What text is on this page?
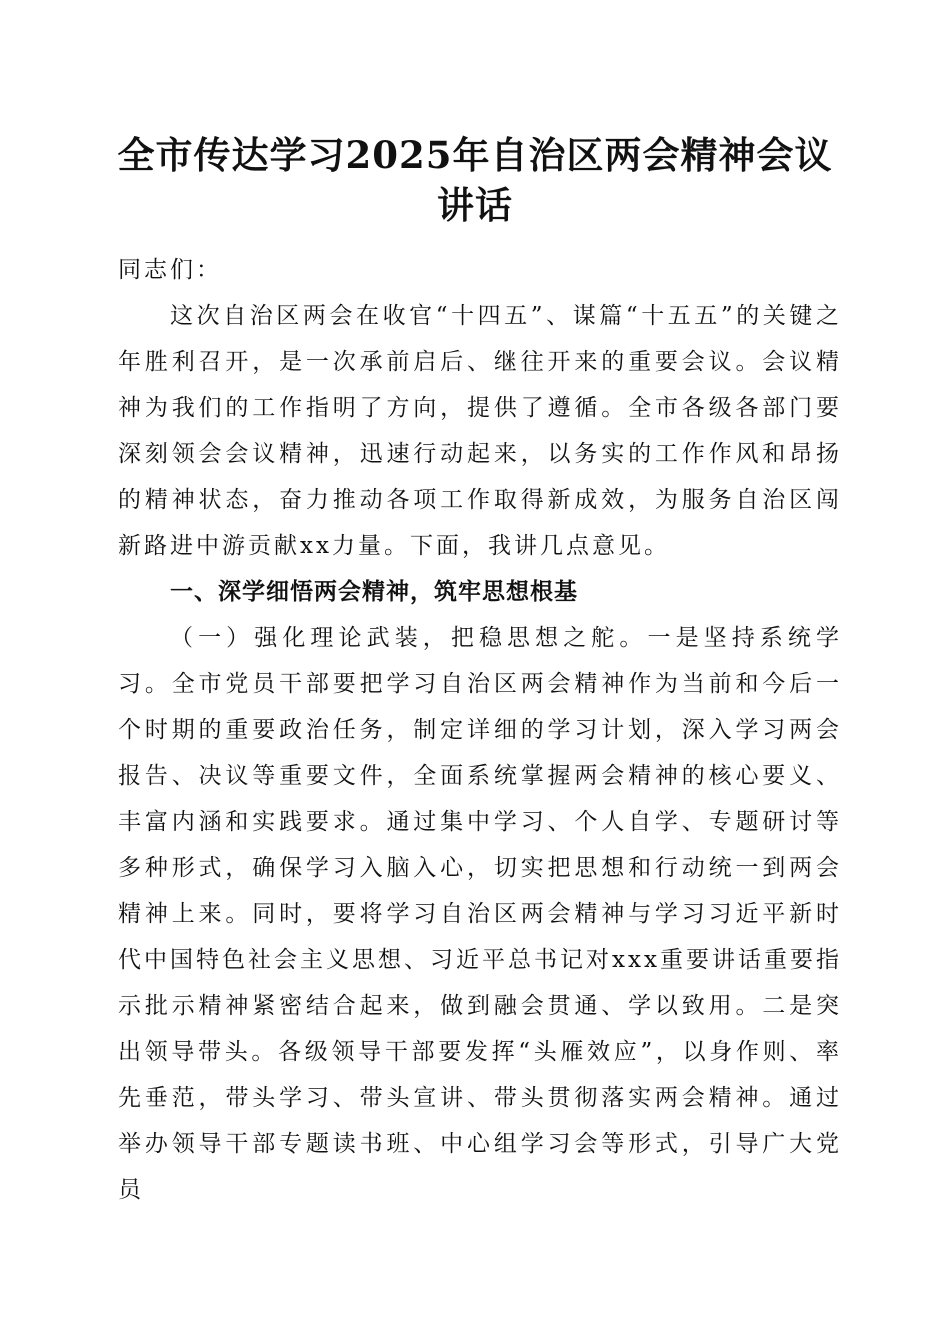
全市传达学习2025年自治区两会精神会议讲话

同志们：

这次自治区两会在收官“十四五”、谋篇“十五五”的关键之年胜利召开，是一次承前启后、继往开来的重要会议。会议精神为我们的工作指明了方向，提供了遵循。全市各级各部门要深刻领会会议精神，迅速行动起来，以务实的工作作风和昂扬的精神状态，奋力推动各项工作取得新成效，为服务自治区闯新路进中游贡献xx力量。下面，我讲几点意见。

一、深学细悟两会精神，筑牢思想根基

（一）强化理论武装，把稳思想之舵。一是坚持系统学习。全市党员干部要把学习自治区两会精神作为当前和今后一个时期的重要政治任务，制定详细的学习计划，深入学习两会报告、决议等重要文件，全面系统掌握两会精神的核心要义、丰富内涵和实践要求。通过集中学习、个人自学、专题研讨等多种形式，确保学习入脑入心，切实把思想和行动统一到两会精神上来。同时，要将学习自治区两会精神与学习习近平新时代中国特色社会主义思想、习近平总书记对xxx重要讲话重要指示批示精神紧密结合起来，做到融会贯通、学以致用。二是突出领导带头。各级领导干部要发挥“头雁效应”，以身作则、率先垂范，带头学习、带头宣讲、带头贯彻落实两会精神。通过举办领导干部专题读书班、中心组学习会等形式，引导广大党员
